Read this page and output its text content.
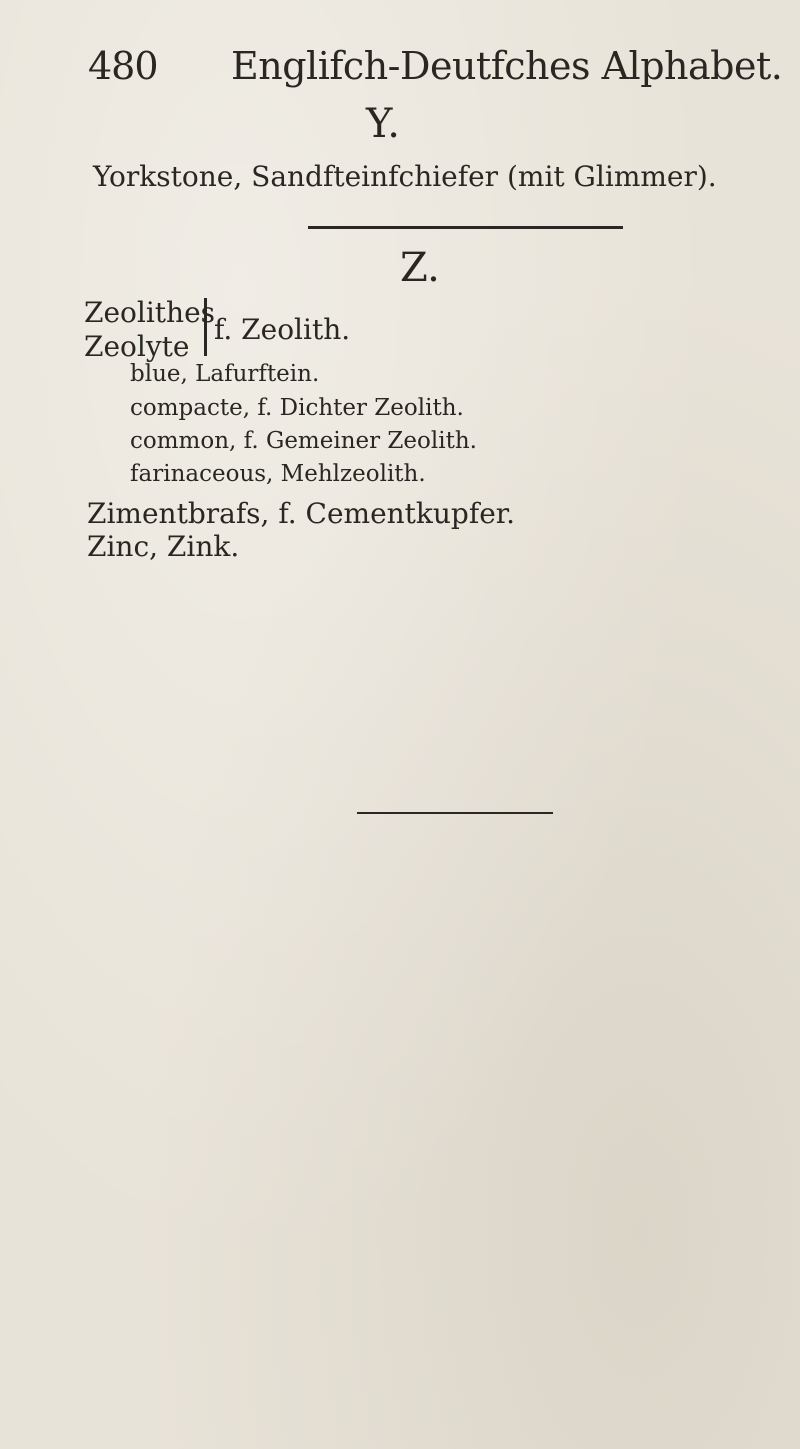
480 Englifch-Deutfches Alphabet.
Y.
Yorkstone, Sandfteinfchiefer (mit Glimmer).
Z.
Zeolithes
Zeolyte
f. Zeolith.
blue, Lafurftein.
compacte, f. Dichter Zeolith.
common, f. Gemeiner Zeolith.
farinaceous, Mehlzeolith.
Zimentbrafs, f. Cementkupfer.
Zinc, Zink.
